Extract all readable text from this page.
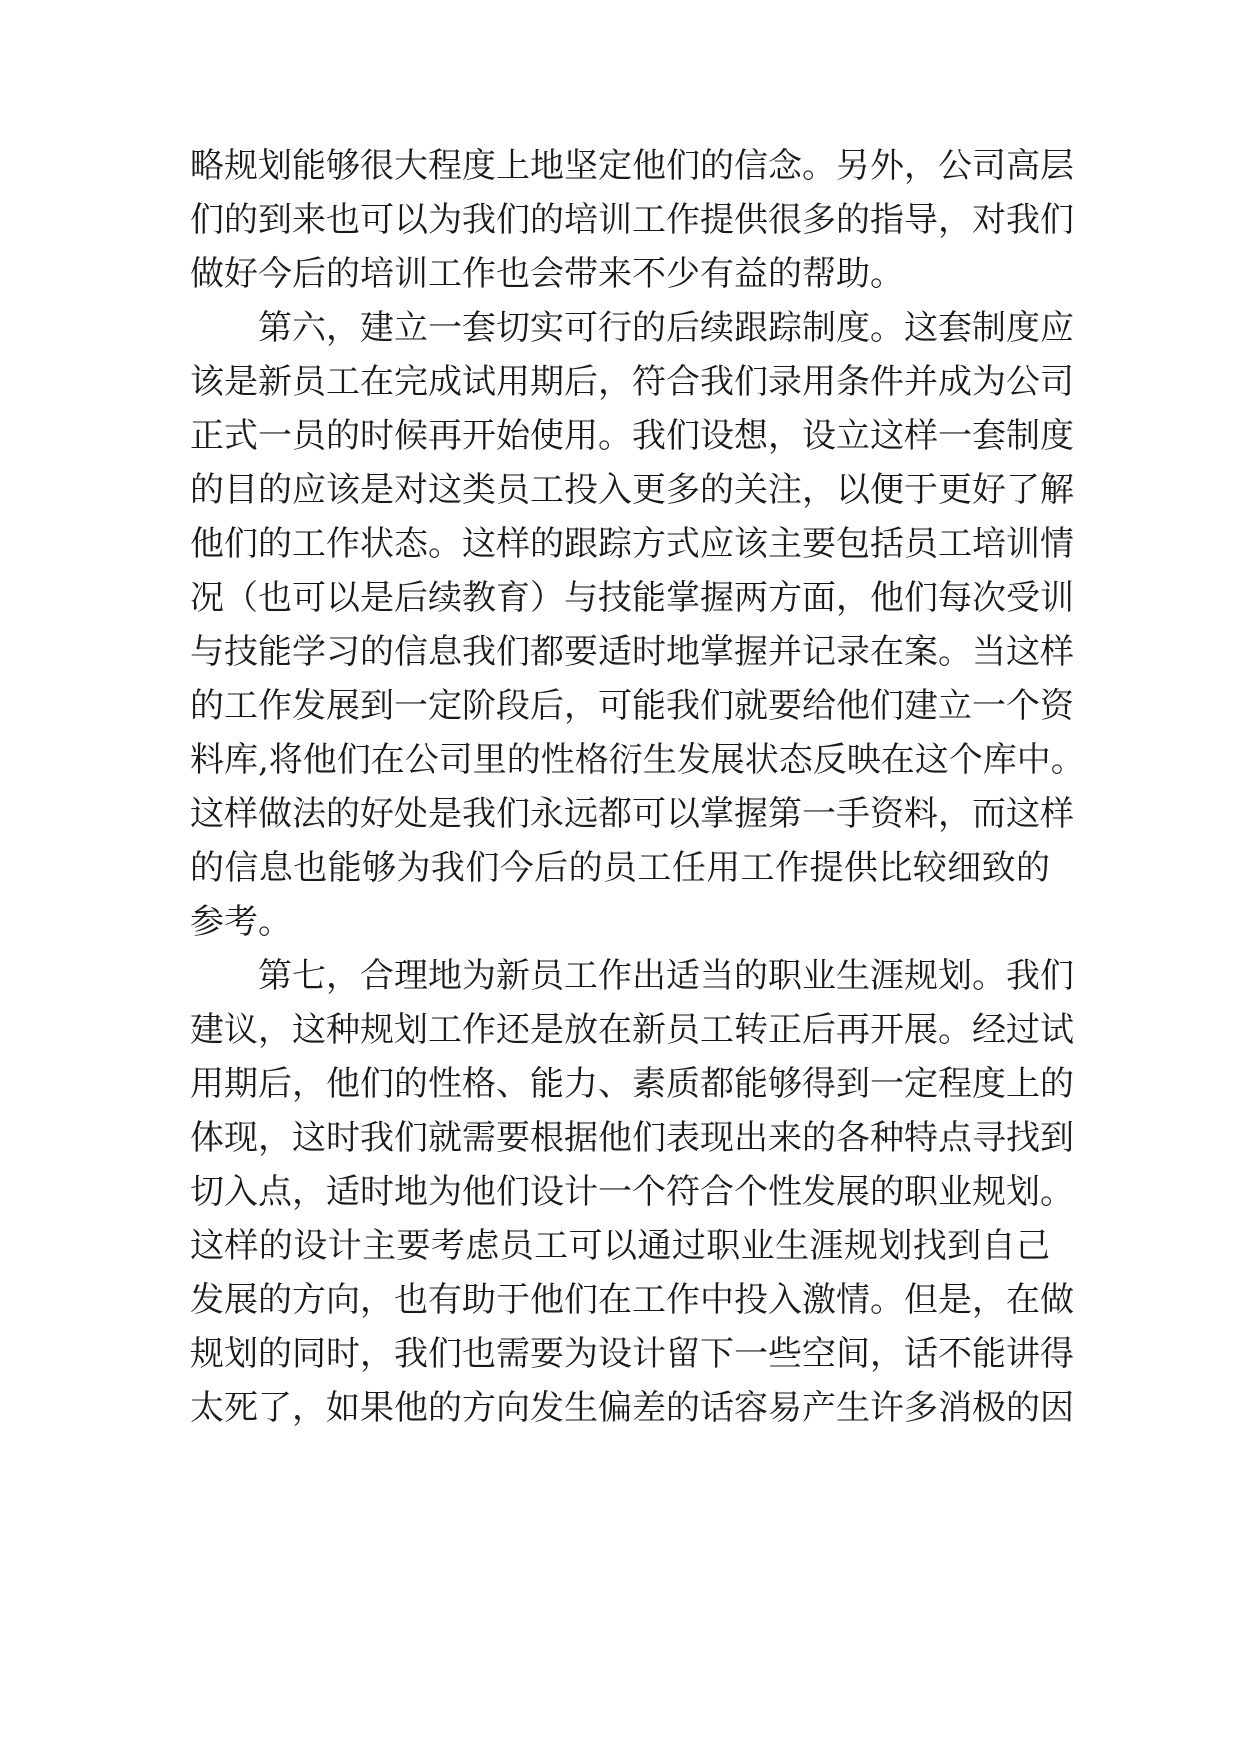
略规划能够很大程度上地坚定他们的信念。另外，公司高层
们的到来也可以为我们的培训工作提供很多的指导，对我们
做好今后的培训工作也会带来不少有益的帮助。
第六，建立一套切实可行的后续跟踪制度。这套制度应
该是新员工在完成试用期后，符合我们录用条件并成为公司
正式一员的时候再开始使用。我们设想，设立这样一套制度
的目的应该是对这类员工投入更多的关注，以便于更好了解
他们的工作状态。这样的跟踪方式应该主要包括员工培训情
况（也可以是后续教育）与技能掌握两方面，他们每次受训
与技能学习的信息我们都要适时地掌握并记录在案。当这样
的工作发展到一定阶段后，可能我们就要给他们建立一个资
料库,将他们在公司里的性格衍生发展状态反映在这个库中。
这样做法的好处是我们永远都可以掌握第一手资料，而这样
的信息也能够为我们今后的员工任用工作提供比较细致的
参考。
第七，合理地为新员工作出适当的职业生涯规划。我们
建议，这种规划工作还是放在新员工转正后再开展。经过试
用期后，他们的性格、能力、素质都能够得到一定程度上的
体现，这时我们就需要根据他们表现出来的各种特点寻找到
切入点，适时地为他们设计一个符合个性发展的职业规划。
这样的设计主要考虑员工可以通过职业生涯规划找到自己
发展的方向，也有助于他们在工作中投入激情。但是，在做
规划的同时，我们也需要为设计留下一些空间，话不能讲得
太死了，如果他的方向发生偏差的话容易产生许多消极的因
